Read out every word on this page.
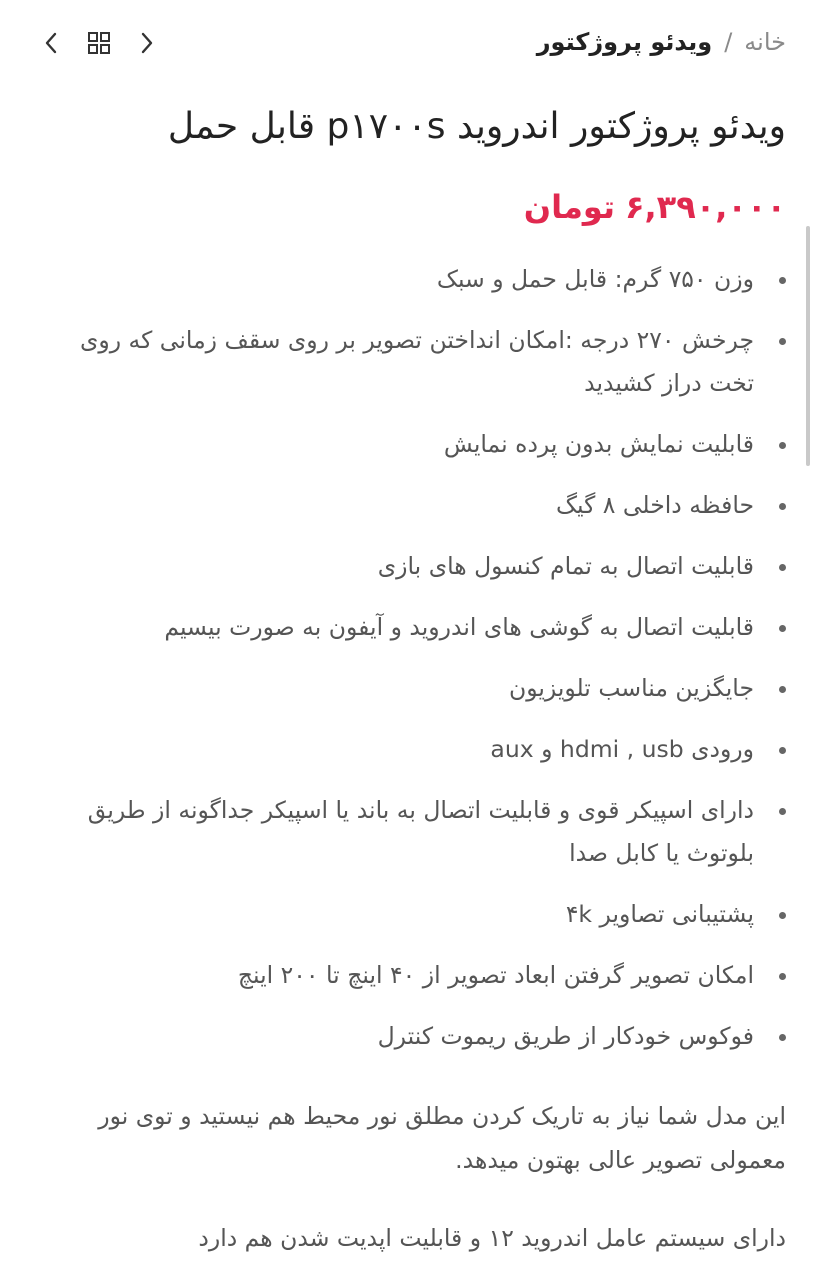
خانه
/
ویدئو پروژکتور
ویدئو پروژکتور اندروید p۱۷۰۰s قابل حمل
۶,۳۹۰,۰۰۰
تومان
وزن ۷۵۰ گرم: قابل حمل و سبک
چرخش ۲۷۰ درجه :امکان انداختن تصویر بر روی سقف زمانی که روی تخت دراز کشیدید
قابلیت نمایش بدون پرده نمایش
حافظه داخلی ۸ گیگ
قابلیت اتصال به تمام کنسول های بازی
قابلیت اتصال به گوشی های اندروید و آیفون به صورت بیسیم
جایگزین مناسب تلویزیون
ورودی hdmi , usb و aux
دارای اسپیکر قوی و قابلیت اتصال به باند یا اسپیکر جداگونه از طریق بلوتوث یا کابل صدا
پشتیبانی تصاویر ۴k
امکان تصویر گرفتن ابعاد تصویر از ۴۰ اینچ تا ۲۰۰ اینچ
فوکوس خودکار از طریق ریموت کنترل

این مدل شما نیاز به تاریک کردن مطلق نور محیط هم نیستید و توی نور معمولی تصویر عالی بهتون میدهد.

دارای سیستم عامل اندروید ۱۲ و قابلیت اپدیت شدن هم دارد
